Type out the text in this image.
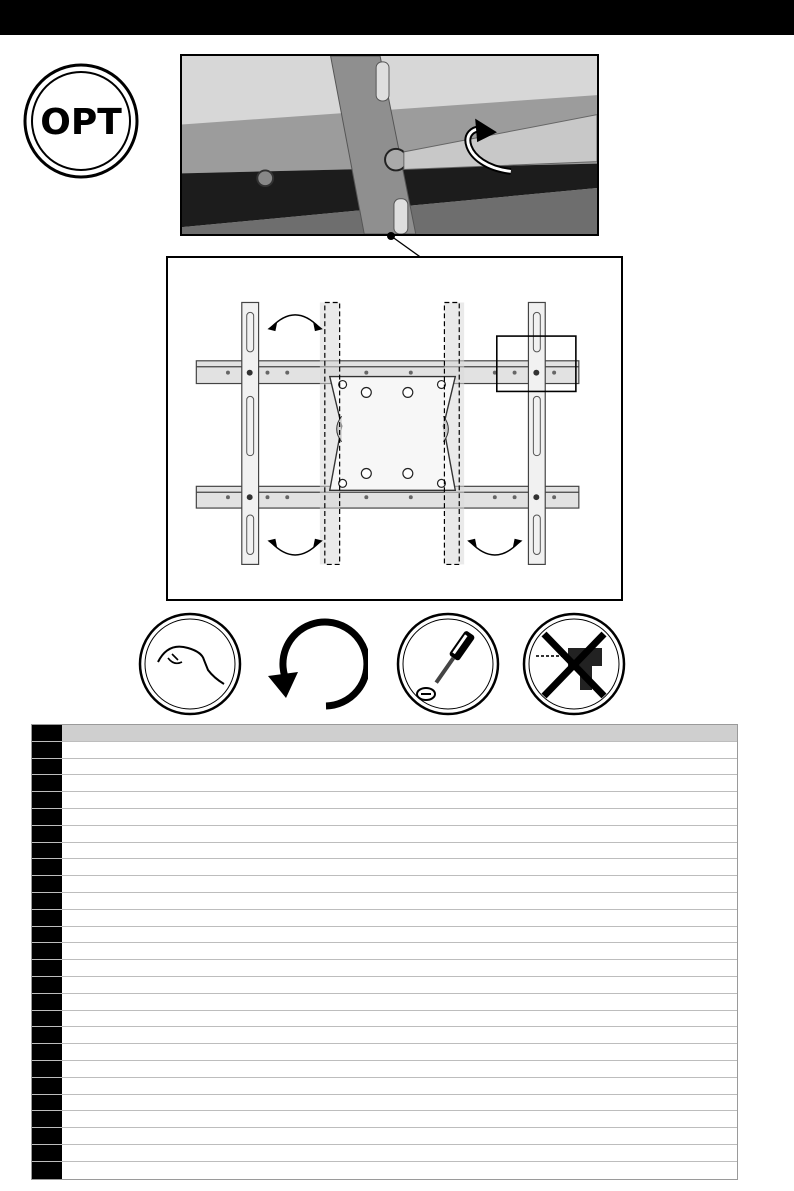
OPT
